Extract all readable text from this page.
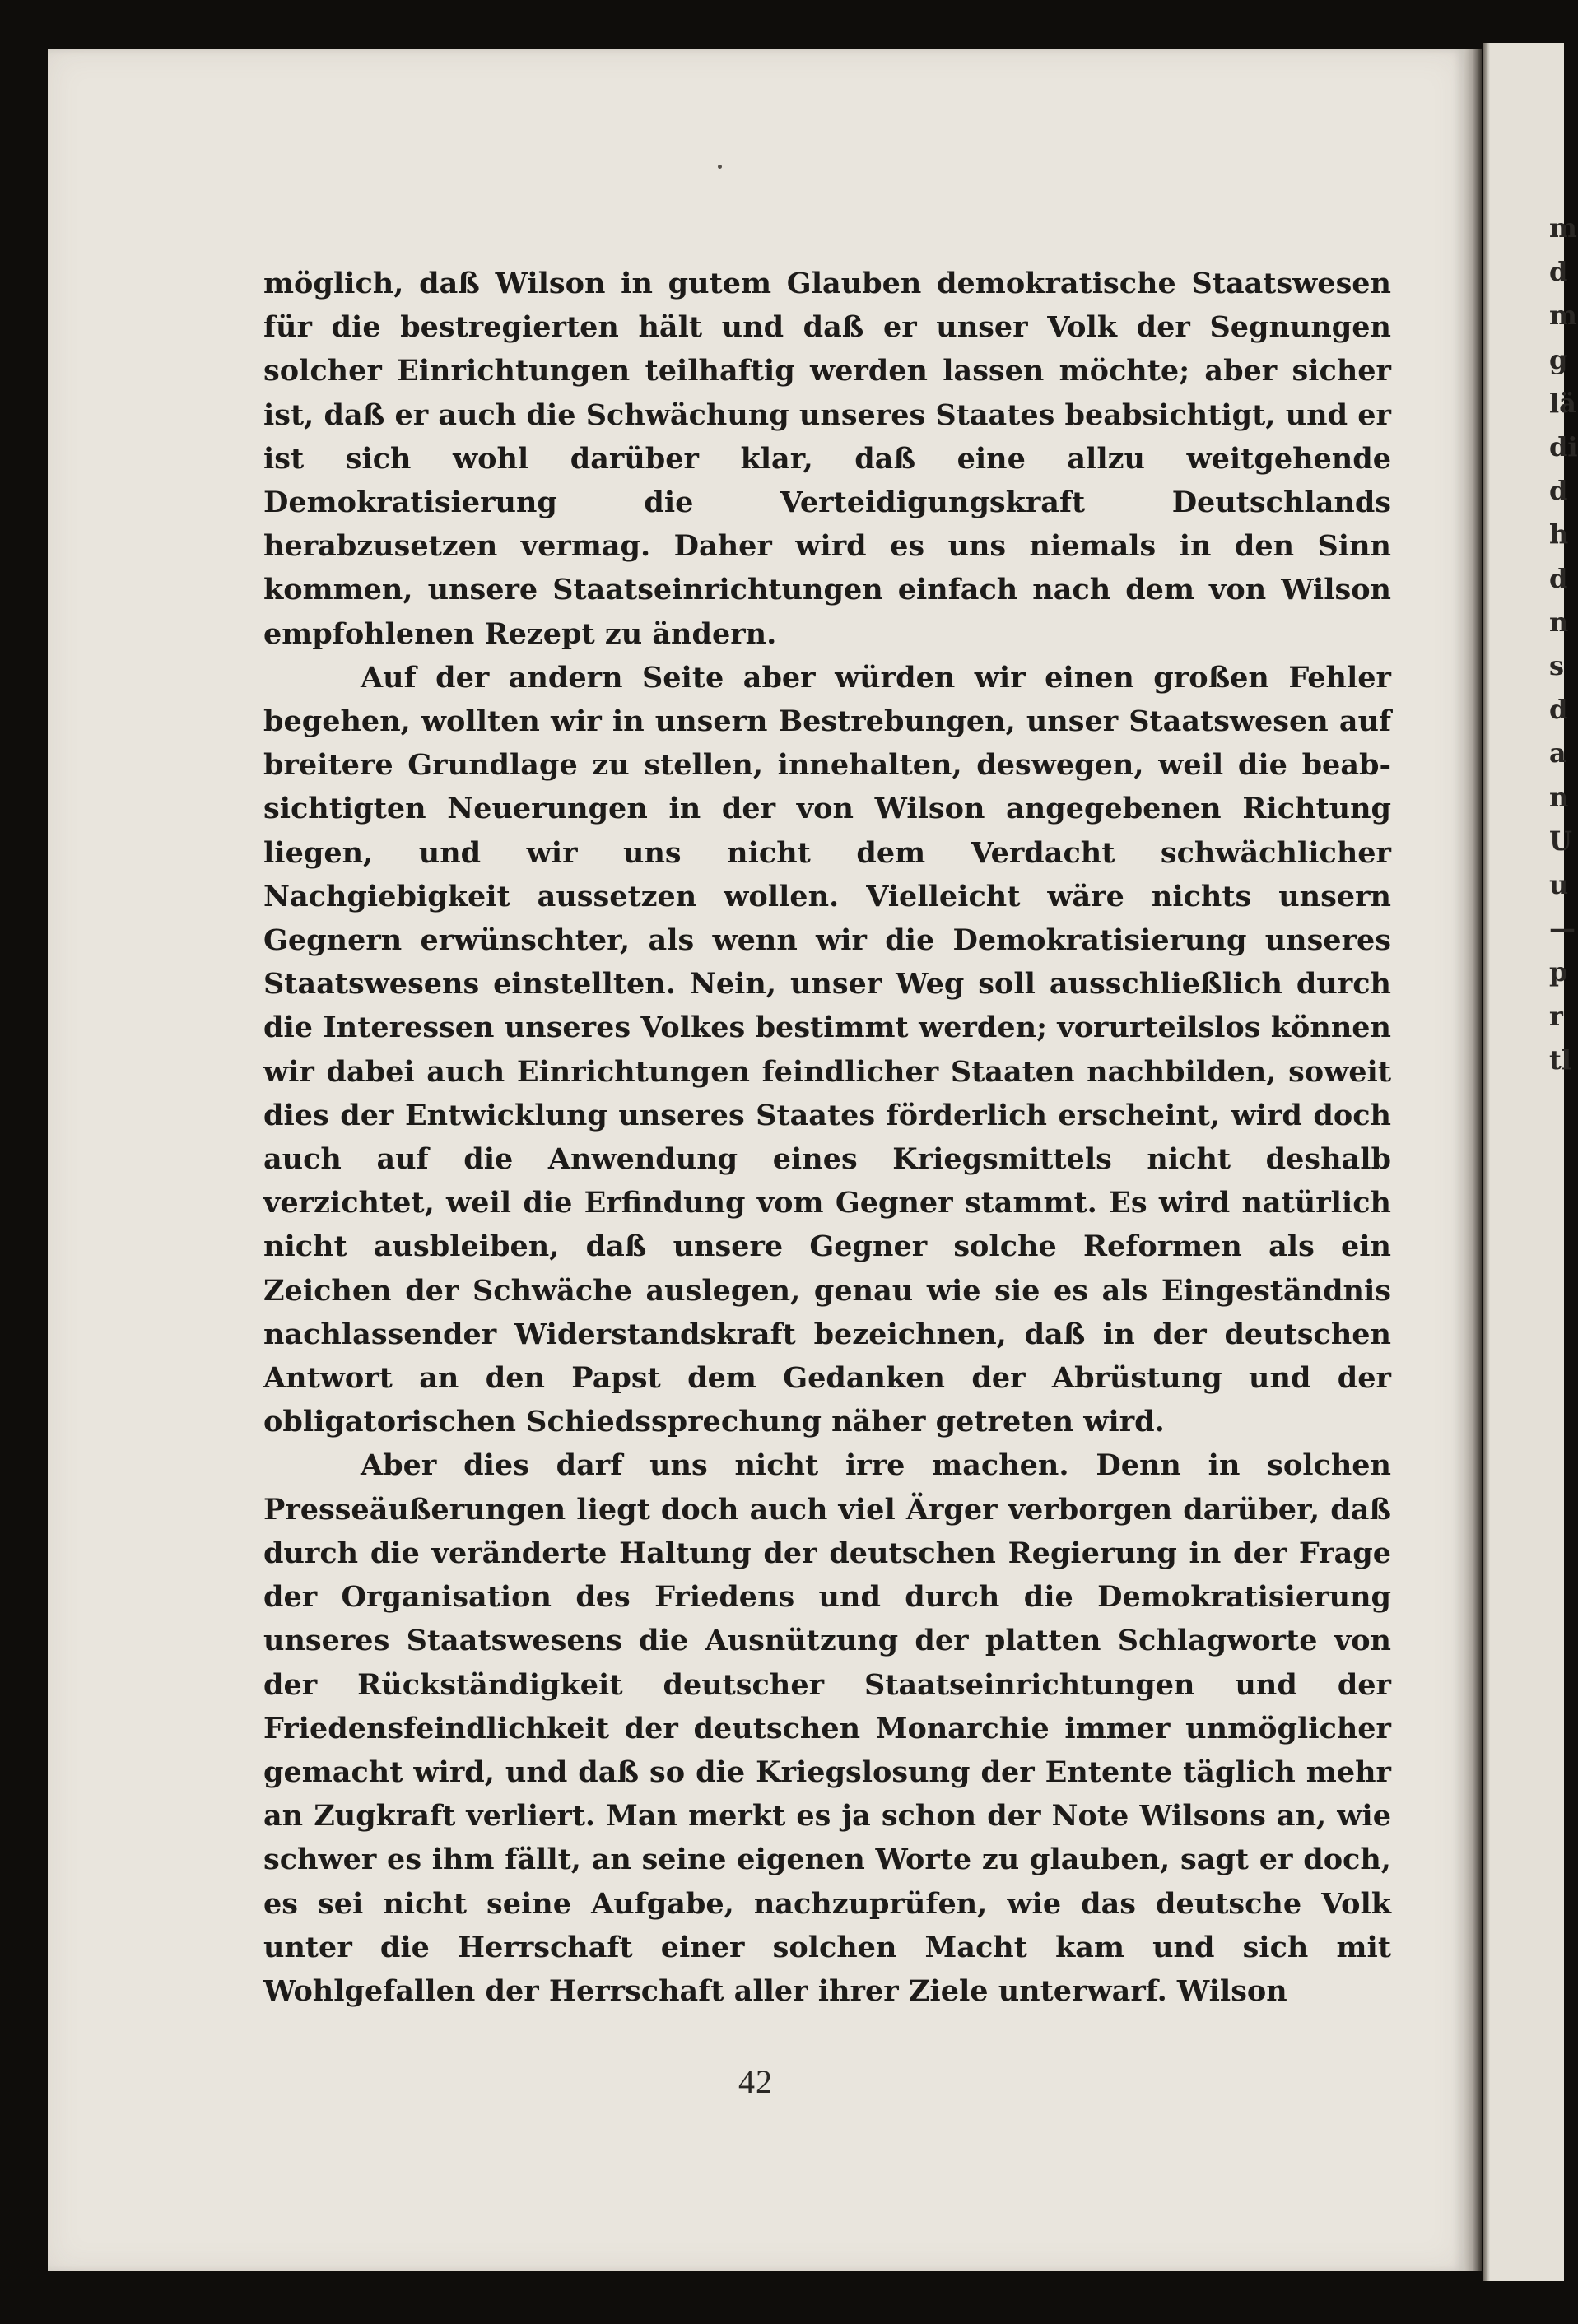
möglich, daß Wilson in gutem Glauben demokratische Staatswesen für die bestregierten hält und daß er unser Volk der Segnungen solcher Einrichtungen teilhaftig werden lassen möchte; aber sicher ist, daß er auch die Schwächung unseres Staates beabsichtigt, und er ist sich wohl darüber klar, daß eine allzu weitgehende Demokratisierung die Verteidigungskraft Deutschlands herabzusetzen vermag. Daher wird es uns niemals in den Sinn kommen, unsere Staatseinrichtungen einfach nach dem von Wilson empfohlenen Rezept zu ändern.

Auf der andern Seite aber würden wir einen großen Fehler begehen, wollten wir in unsern Bestrebungen, unser Staatswesen auf breitere Grundlage zu stellen, innehalten, deswegen, weil die beabsichtigten Neuerungen in der von Wilson angegebenen Richtung liegen, und wir uns nicht dem Verdacht schwächlicher Nachgiebigkeit aussetzen wollen. Vielleicht wäre nichts unsern Gegnern erwünschter, als wenn wir die Demokratisierung unseres Staatswesens einstellten. Nein, unser Weg soll ausschließlich durch die Interessen unseres Volkes bestimmt werden; vorurteilslos können wir dabei auch Einrichtungen feindlicher Staaten nachbilden, soweit dies der Entwicklung unseres Staates förderlich erscheint, wird doch auch auf die Anwendung eines Kriegsmittels nicht deshalb verzichtet, weil die Erfindung vom Gegner stammt. Es wird natürlich nicht ausbleiben, daß unsere Gegner solche Reformen als ein Zeichen der Schwäche auslegen, genau wie sie es als Eingeständnis nachlassender Widerstandskraft bezeichnen, daß in der deutschen Antwort an den Papst dem Gedanken der Abrüstung und der obligatorischen Schiedssprechung näher getreten wird.

Aber dies darf uns nicht irre machen. Denn in solchen Presseäußerungen liegt doch auch viel Ärger verborgen darüber, daß durch die veränderte Haltung der deutschen Regierung in der Frage der Organisation des Friedens und durch die Demokratisierung unseres Staatswesens die Ausnützung der platten Schlagworte von der Rückständigkeit deutscher Staatseinrichtungen und der Friedensfeindlichkeit der deutschen Monarchie immer unmöglicher gemacht wird, und daß so die Kriegslosung der Entente täglich mehr an Zugkraft verliert. Man merkt es ja schon der Note Wilsons an, wie schwer es ihm fällt, an seine eigenen Worte zu glauben, sagt er doch, es sei nicht seine Aufgabe, nachzuprüfen, wie das deutsche Volk unter die Herrschaft einer solchen Macht kam und sich mit Wohlgefallen der Herrschaft aller ihrer Ziele unterwarf. Wilson

42
m
d
m
g
lä
di
d
h
d
n
s
d
a
n
U
u
—
p
r
tl
